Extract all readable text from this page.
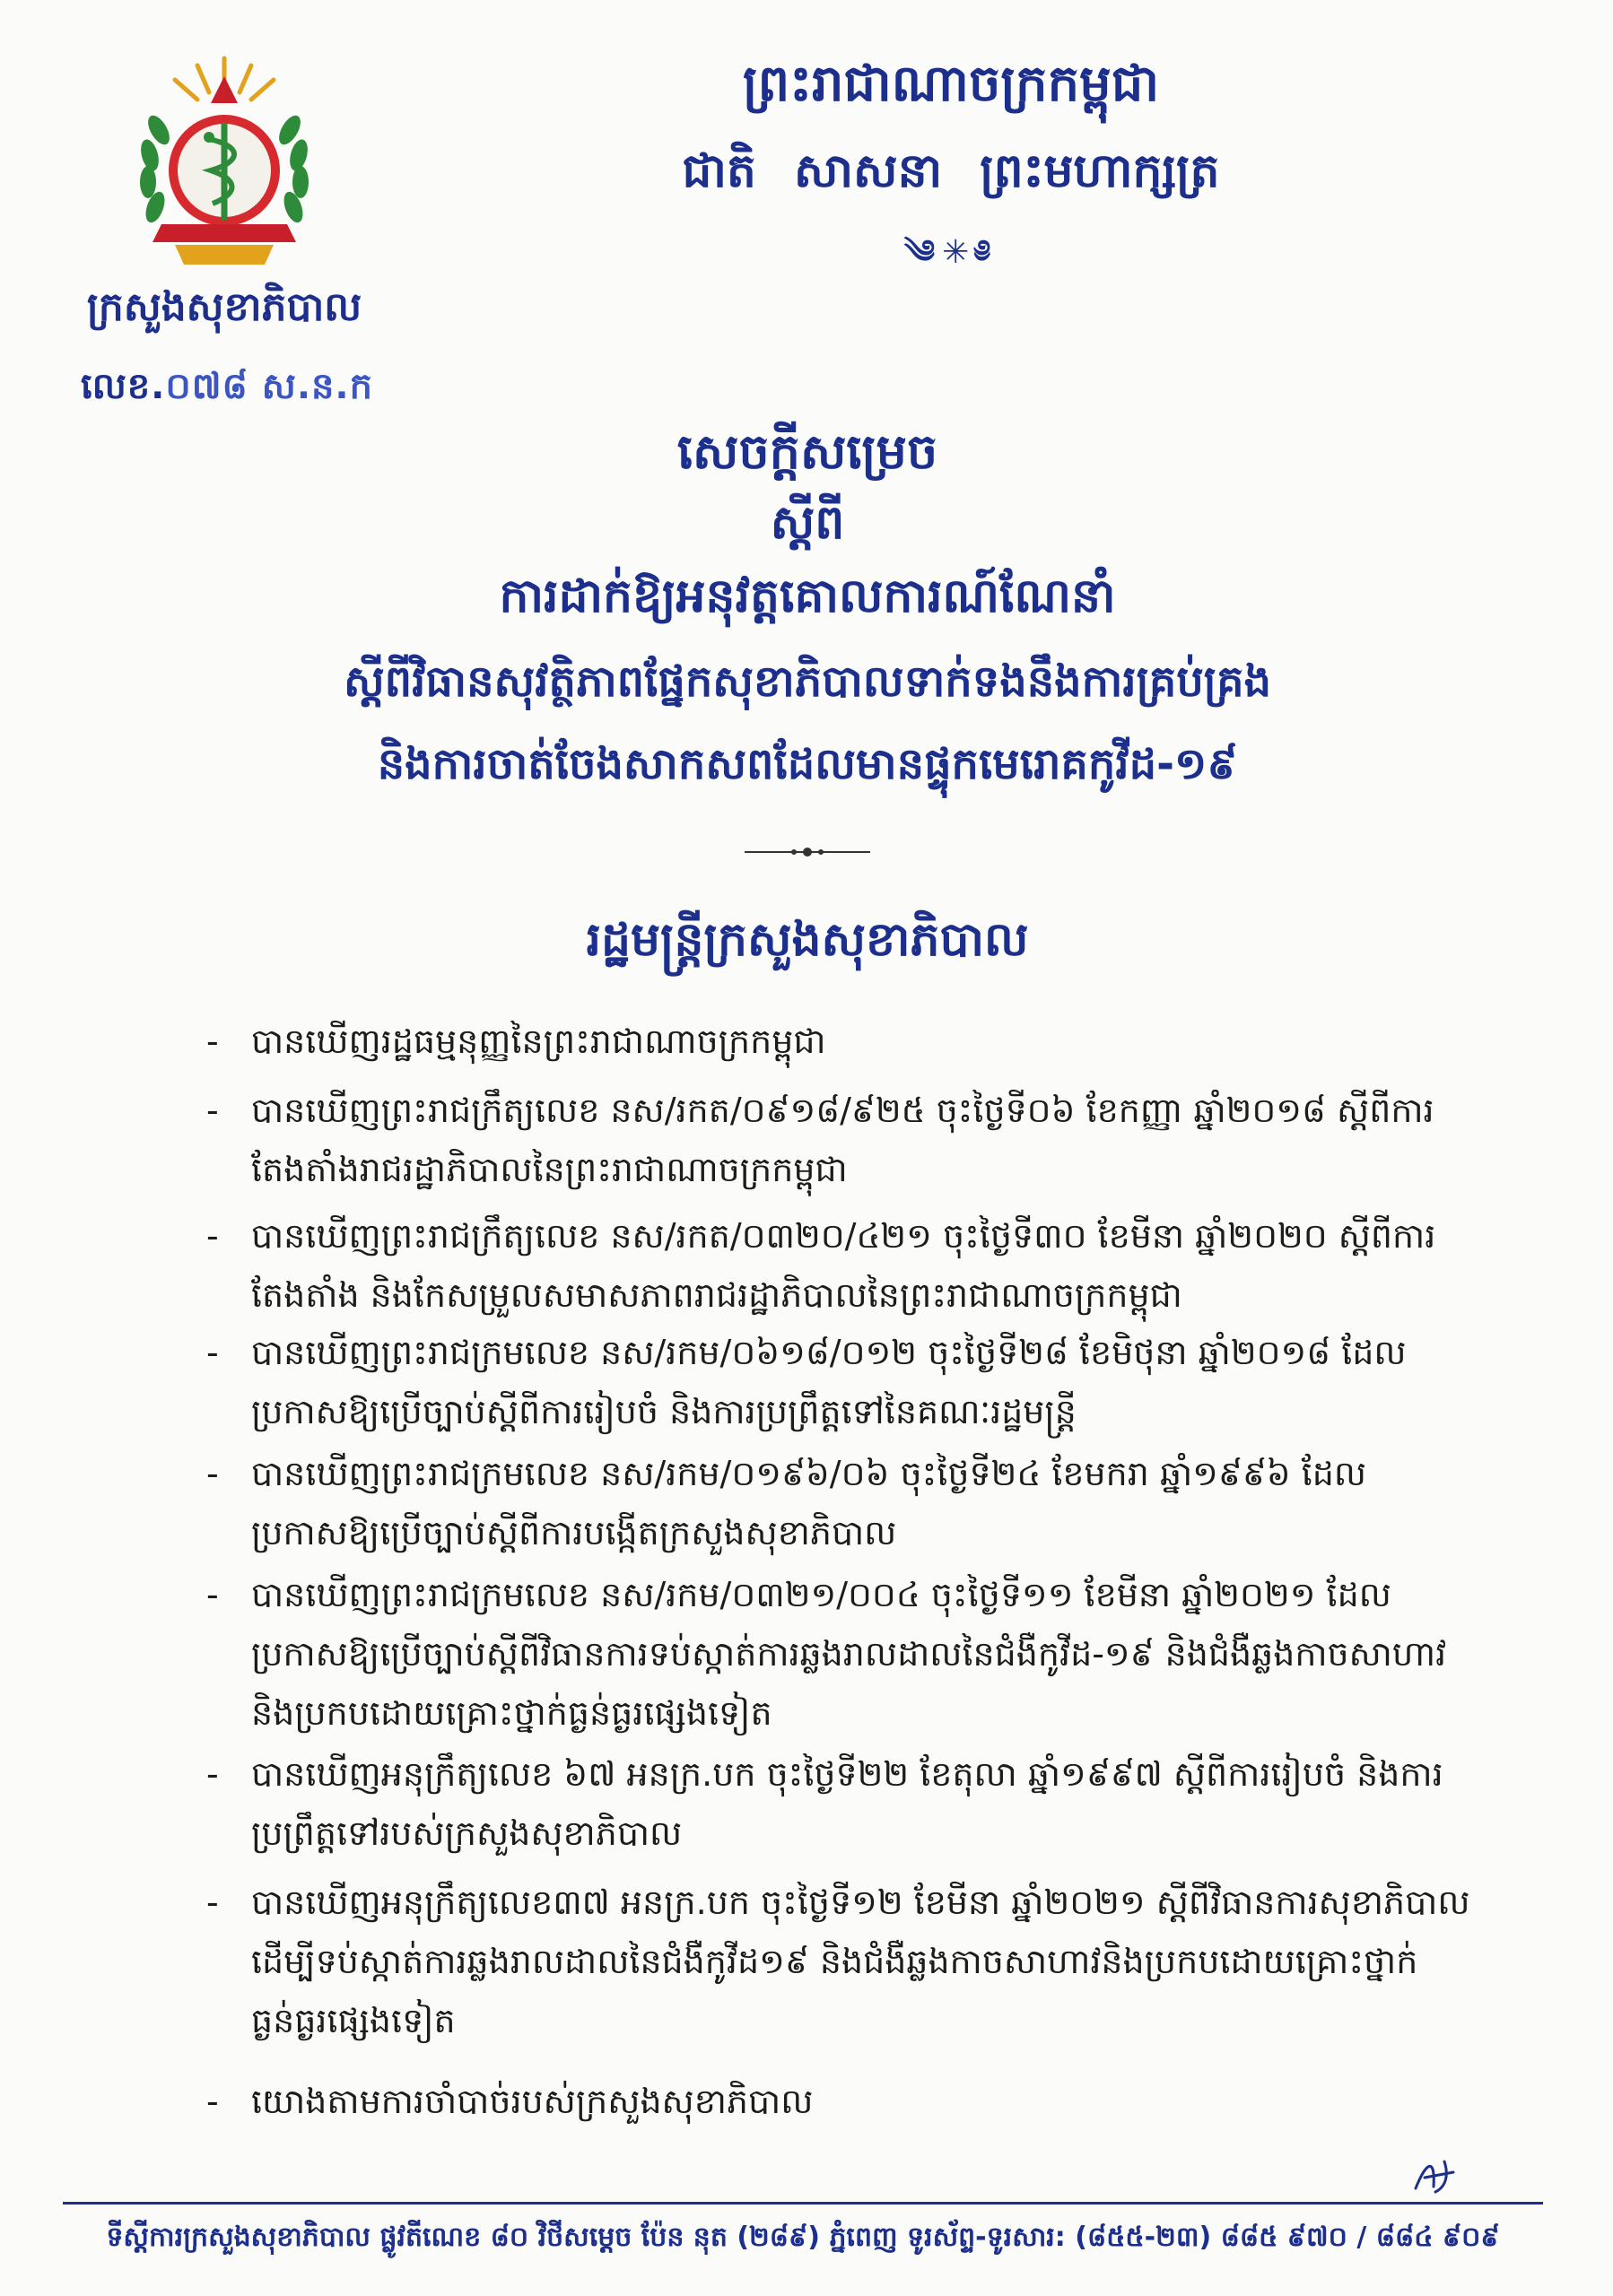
ក្រសួងសុខាភិបាល
លេខ.០៧៨ ស.ន.ក
ព្រះរាជាណាចក្រកម្ពុជា
ជាតិ សាសនា ព្រះមហាក្សត្រ
༄✳༅
សេចក្តីសម្រេច
ស្តីពី
ការដាក់ឱ្យអនុវត្តគោលការណ៍ណែនាំ
ស្តីពីវិធានសុវត្ថិភាពផ្នែកសុខាភិបាលទាក់ទងនឹងការគ្រប់គ្រង
និងការចាត់ចែងសាកសពដែលមានផ្ទុកមេរោគកូវីដ-១៩
រដ្ឋមន្ត្រីក្រសួងសុខាភិបាល
- បានឃើញរដ្ឋធម្មនុញ្ញនៃព្រះរាជាណាចក្រកម្ពុជា
- បានឃើញព្រះរាជក្រឹត្យលេខ នស/រកត/០៩១៨/៩២៥ ចុះថ្ងៃទី០៦ ខែកញ្ញា ឆ្នាំ២០១៨ ស្តីពីការតែងតាំងរាជរដ្ឋាភិបាលនៃព្រះរាជាណាចក្រកម្ពុជា
- បានឃើញព្រះរាជក្រឹត្យលេខ នស/រកត/០៣២០/៤២១ ចុះថ្ងៃទី៣០ ខែមីនា ឆ្នាំ២០២០ ស្តីពីការតែងតាំង និងកែសម្រួលសមាសភាពរាជរដ្ឋាភិបាលនៃព្រះរាជាណាចក្រកម្ពុជា
- បានឃើញព្រះរាជក្រមលេខ នស/រកម/០៦១៨/០១២ ចុះថ្ងៃទី២៨ ខែមិថុនា ឆ្នាំ២០១៨ ដែលប្រកាសឱ្យប្រើច្បាប់ស្តីពីការរៀបចំ និងការប្រព្រឹត្តទៅនៃគណៈរដ្ឋមន្ត្រី
- បានឃើញព្រះរាជក្រមលេខ នស/រកម/០១៩៦/០៦ ចុះថ្ងៃទី២៤ ខែមករា ឆ្នាំ១៩៩៦ ដែលប្រកាសឱ្យប្រើច្បាប់ស្តីពីការបង្កើតក្រសួងសុខាភិបាល
- បានឃើញព្រះរាជក្រមលេខ នស/រកម/០៣២១/០០៤ ចុះថ្ងៃទី១១ ខែមីនា ឆ្នាំ២០២១ ដែលប្រកាសឱ្យប្រើច្បាប់ស្តីពីវិធានការទប់ស្កាត់ការឆ្លងរាលដាលនៃជំងឺកូវីដ-១៩ និងជំងឺឆ្លងកាចសាហាវ និងប្រកបដោយគ្រោះថ្នាក់ធ្ងន់ធ្ងរផ្សេងទៀត
- បានឃើញអនុក្រឹត្យលេខ ៦៧ អនក្រ.បក ចុះថ្ងៃទី២២ ខែតុលា ឆ្នាំ១៩៩៧ ស្តីពីការរៀបចំ និងការប្រព្រឹត្តទៅរបស់ក្រសួងសុខាភិបាល
- បានឃើញអនុក្រឹត្យលេខ៣៧ អនក្រ.បក ចុះថ្ងៃទី១២ ខែមីនា ឆ្នាំ២០២១ ស្តីពីវិធានការសុខាភិបាលដើម្បីទប់ស្កាត់ការឆ្លងរាលដាលនៃជំងឺកូវីដ១៩ និងជំងឺឆ្លងកាចសាហាវនិងប្រកបដោយគ្រោះថ្នាក់ធ្ងន់ធ្ងរផ្សេងទៀត
- យោងតាមការចាំបាច់របស់ក្រសួងសុខាភិបាល
ទីស្តីការក្រសួងសុខាភិបាល ផ្លូវតីណេខ ៨០ វិថីសម្តេច ប៉ែន នុត (២៨៩) ភ្នំពេញ ទូរស័ព្ទ-ទូរសារ: (៨៥៥-២៣) ៨៨៥ ៩៧០ / ៨៨៤ ៩០៩
